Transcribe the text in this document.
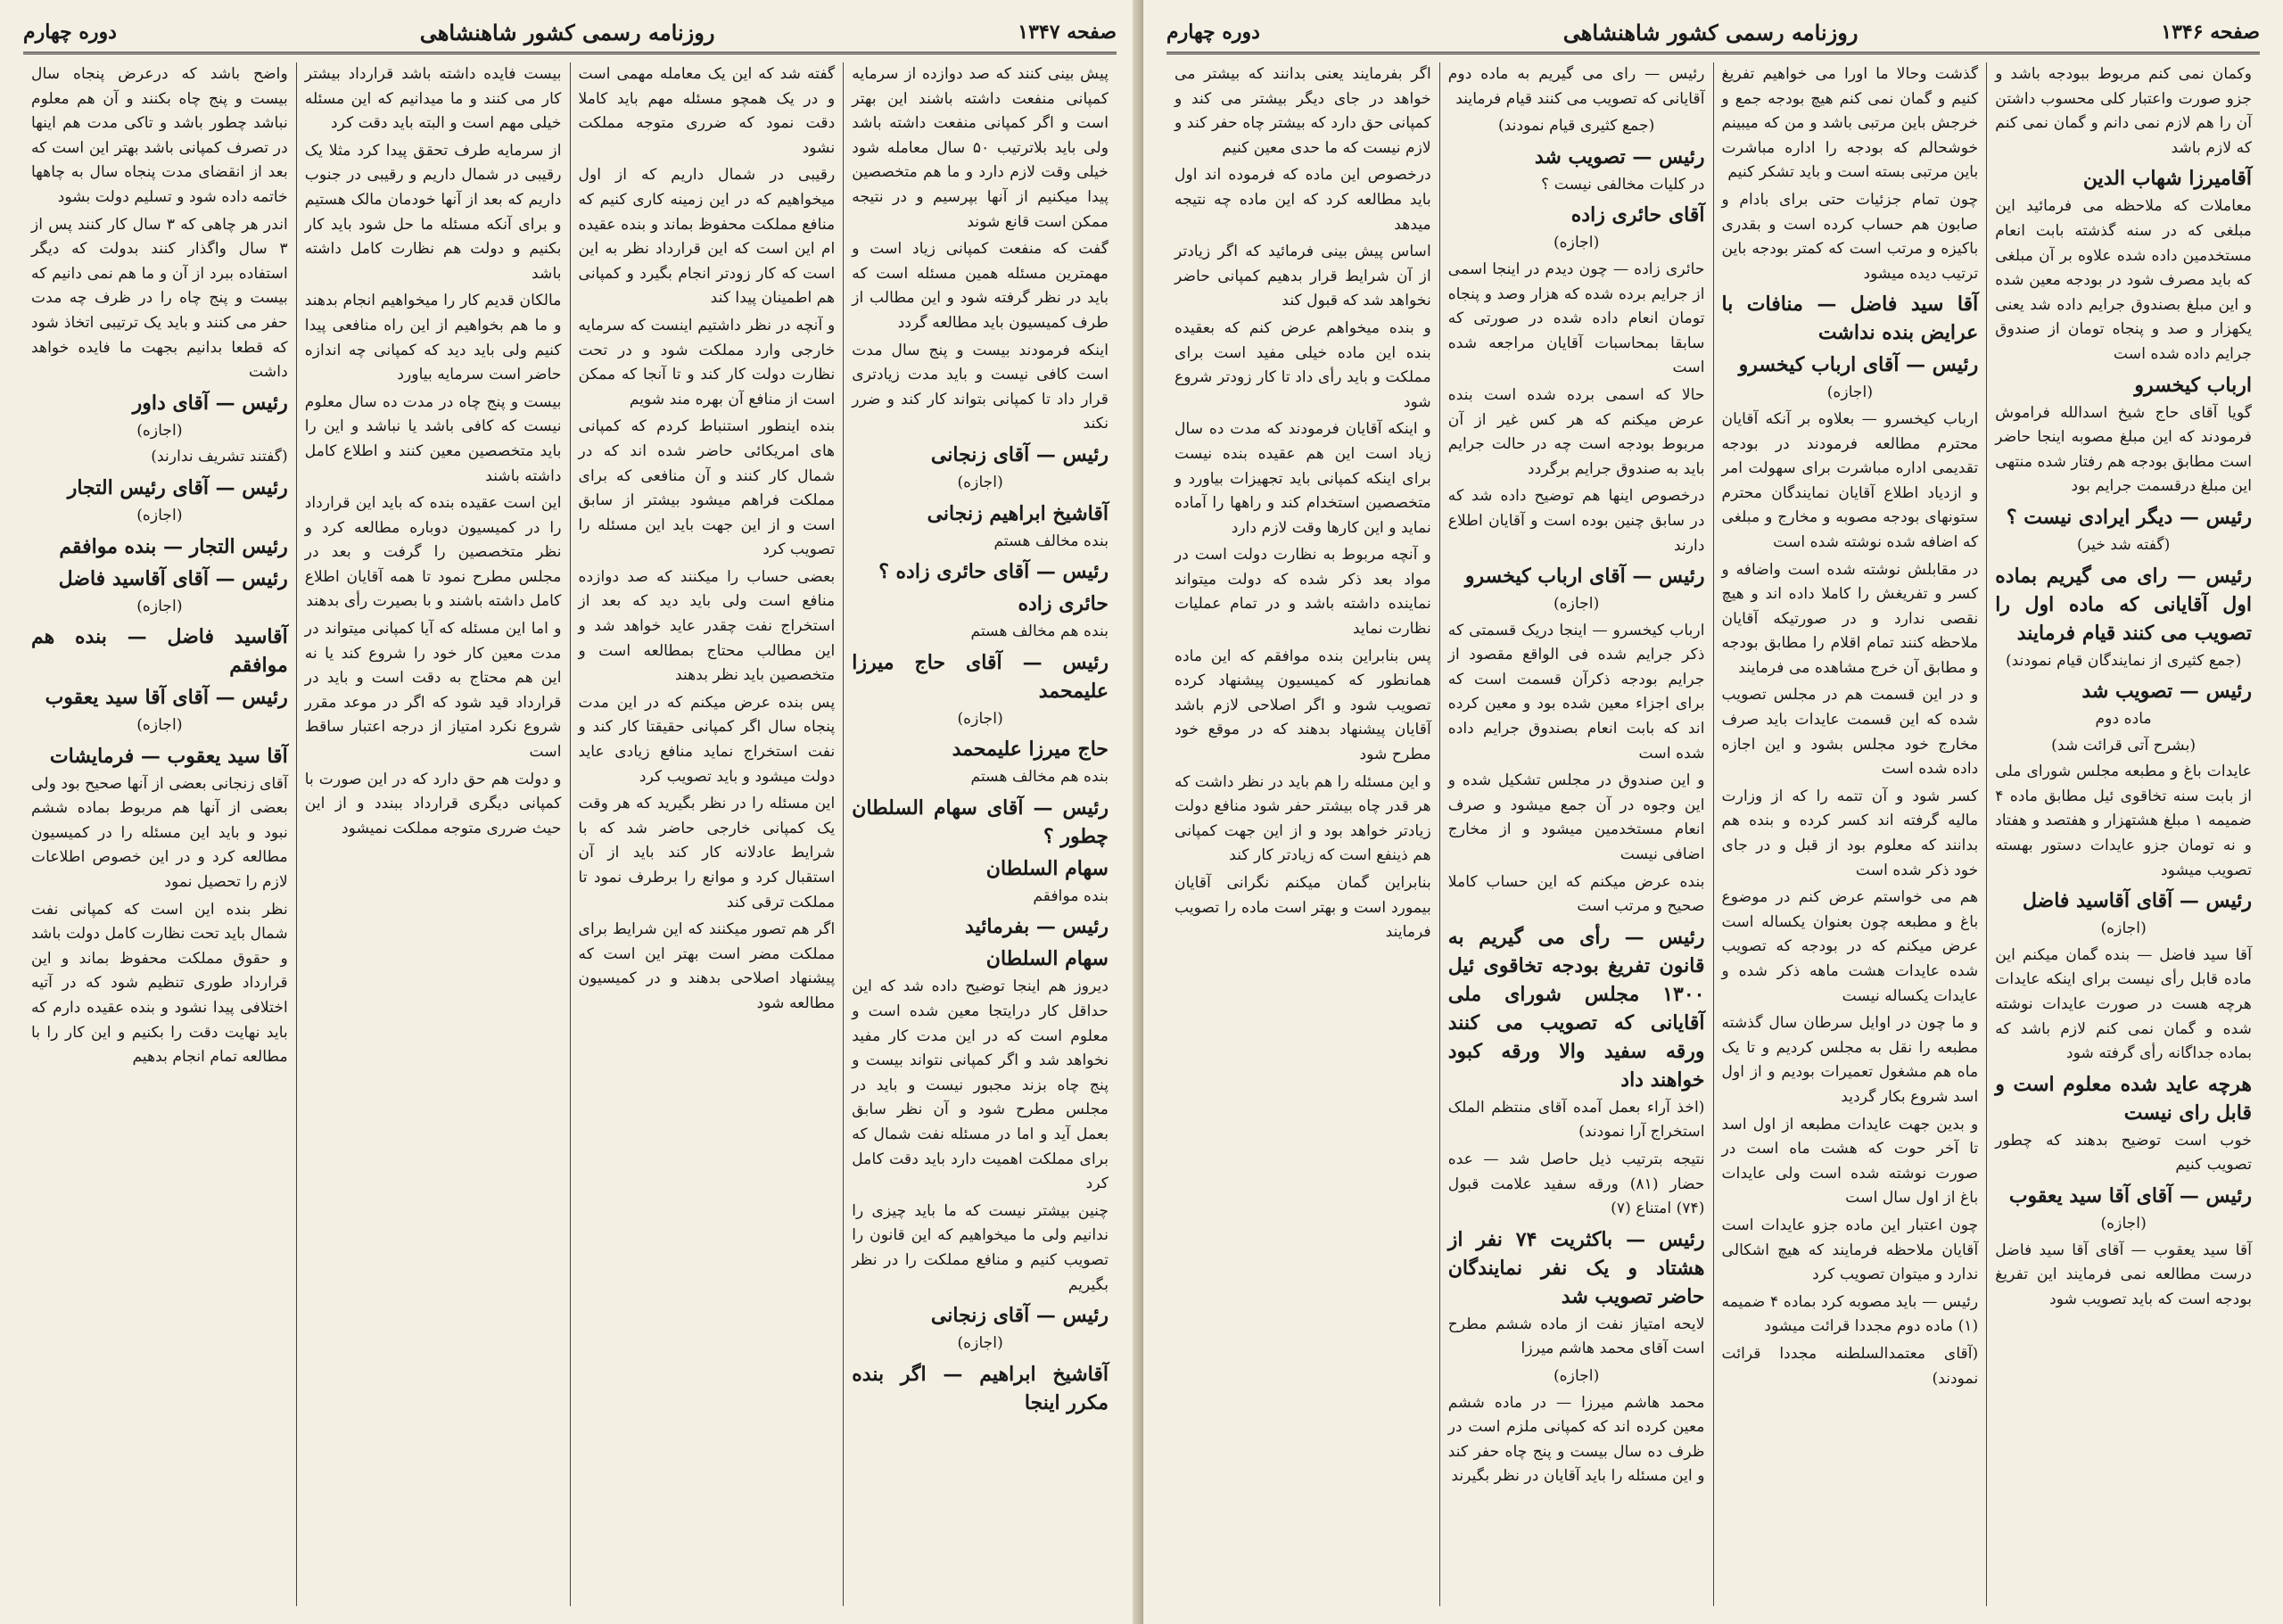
صفحه ۱۳۴۷
روزنامه رسمی کشور شاهنشاهی
دوره چهارم

پیش بینی کنند که صد دوازده از سرمایه کمپانی منفعت داشته باشند این بهتر است و اگر کمپانی منفعت داشته باشد ولی باید بلاترتیب ۵۰ سال معامله شود خیلی وقت لازم دارد و ما هم متخصصین پیدا میکنیم از آنها بپرسیم و در نتیجه ممکن است قانع شوند

گفت که منفعت کمپانی زیاد است و مهمترین مسئله همین مسئله است که باید در نظر گرفته شود و این مطالب از طرف کمیسیون باید مطالعه گردد

اینکه فرمودند بیست و پنج سال مدت است کافی نیست و باید مدت زیادتری قرار داد تا کمپانی بتواند کار کند و ضرر نکند

رئیس — آقای زنجانی

(اجازه)

آقاشیخ ابراهیم زنجانی

بنده مخالف هستم

رئیس — آقای حائری زاده ؟

حائری زاده

بنده هم مخالف هستم

رئیس — آقای حاج میرزا علیمحمد

(اجازه)

حاج میرزا علیمحمد

بنده هم مخالف هستم

رئیس — آقای سهام السلطان چطور ؟

سهام السلطان

بنده موافقم

رئیس — بفرمائید

سهام السلطان

دیروز هم اینجا توضیح داده شد که این حداقل کار درایتجا معین شده است و معلوم است که در این مدت کار مفید نخواهد شد و اگر کمپانی نتواند بیست و پنج چاه بزند مجبور نیست و باید در مجلس مطرح شود و آن نظر سابق بعمل آید و اما در مسئله نفت شمال که برای مملکت اهمیت دارد باید دقت کامل کرد

چنین بیشتر نیست که ما باید چیزی را ندانیم ولی ما میخواهیم که این قانون را تصویب کنیم و منافع مملکت را در نظر بگیریم

رئیس — آقای زنجانی

(اجازه)

آقاشیخ ابراهیم — اگر بنده مکرر اینجا

گفته شد که این یک معامله مهمی است و در یک همچو مسئله مهم باید کاملا دقت نمود که ضرری متوجه مملکت نشود

رقیبی در شمال داریم که از اول میخواهیم که در این زمینه کاری کنیم که منافع مملکت محفوظ بماند و بنده عقیده ام این است که این قرارداد نظر به این است که کار زودتر انجام بگیرد و کمپانی هم اطمینان پیدا کند

و آنچه در نظر داشتیم اینست که سرمایه خارجی وارد مملکت شود و در تحت نظارت دولت کار کند و تا آنجا که ممکن است از منافع آن بهره مند شویم

بنده اینطور استنباط کردم که کمپانی های امریکائی حاضر شده اند که در شمال کار کنند و آن منافعی که برای مملکت فراهم میشود بیشتر از سابق است و از این جهت باید این مسئله را تصویب کرد

بعضی حساب را میکنند که صد دوازده منافع است ولی باید دید که بعد از استخراج نفت چقدر عاید خواهد شد و این مطالب محتاج بمطالعه است و متخصصین باید نظر بدهند

پس بنده عرض میکنم که در این مدت پنجاه سال اگر کمپانی حقیقتا کار کند و نفت استخراج نماید منافع زیادی عاید دولت میشود و باید تصویب کرد

این مسئله را در نظر بگیرید که هر وقت یک کمپانی خارجی حاضر شد که با شرایط عادلانه کار کند باید از آن استقبال کرد و موانع را برطرف نمود تا مملکت ترقی کند

اگر هم تصور میکنند که این شرایط برای مملکت مضر است بهتر این است که پیشنهاد اصلاحی بدهند و در کمیسیون مطالعه شود

بیست فایده داشته باشد قرارداد بیشتر کار می کنند و ما میدانیم که این مسئله خیلی مهم است و البته باید دقت کرد

از سرمایه طرف تحقق پیدا کرد مثلا یک رقیبی در شمال داریم و رقیبی در جنوب داریم که بعد از آنها خودمان مالک هستیم و برای آنکه مسئله ما حل شود باید کار بکنیم و دولت هم نظارت کامل داشته باشد

مالکان قدیم کار را میخواهیم انجام بدهند و ما هم بخواهیم از این راه منافعی پیدا کنیم ولی باید دید که کمپانی چه اندازه حاضر است سرمایه بیاورد

بیست و پنج چاه در مدت ده سال معلوم نیست که کافی باشد یا نباشد و این را باید متخصصین معین کنند و اطلاع کامل داشته باشند

این است عقیده بنده که باید این قرارداد را در کمیسیون دوباره مطالعه کرد و نظر متخصصین را گرفت و بعد در مجلس مطرح نمود تا همه آقایان اطلاع کامل داشته باشند و با بصیرت رأی بدهند

و اما این مسئله که آیا کمپانی میتواند در مدت معین کار خود را شروع کند یا نه این هم محتاج به دقت است و باید در قرارداد قید شود که اگر در موعد مقرر شروع نکرد امتیاز از درجه اعتبار ساقط است

و دولت هم حق دارد که در این صورت با کمپانی دیگری قرارداد ببندد و از این حیث ضرری متوجه مملکت نمیشود

واضح باشد که درعرض پنجاه سال بیست و پنج چاه بکنند و آن هم معلوم نباشد چطور باشد و تاکی مدت هم اینها در تصرف کمپانی باشد بهتر این است که بعد از انقضای مدت پنجاه سال به چاهها خاتمه داده شود و تسلیم دولت بشود

اندر هر چاهی که ۳ سال کار کنند پس از ۳ سال واگذار کنند بدولت که دیگر استفاده ببرد از آن و ما هم نمی دانیم که بیست و پنج چاه را در ظرف چه مدت حفر می کنند و باید یک ترتیبی اتخاذ شود که قطعا بدانیم بجهت ما فایده خواهد داشت

رئیس — آقای داور

(اجازه)

(گفتند تشریف ندارند)

رئیس — آقای رئیس التجار

(اجازه)

رئیس التجار — بنده موافقم

رئیس — آقای آقاسید فاضل

(اجازه)

آقاسید فاضل — بنده هم موافقم

رئیس — آقای آقا سید یعقوب

(اجازه)

آقا سید یعقوب — فرمایشات

آقای زنجانی بعضی از آنها صحیح بود ولی بعضی از آنها هم مربوط بماده ششم نبود و باید این مسئله را در کمیسیون مطالعه کرد و در این خصوص اطلاعات لازم را تحصیل نمود

نظر بنده این است که کمپانی نفت شمال باید تحت نظارت کامل دولت باشد و حقوق مملکت محفوظ بماند و این قرارداد طوری تنظیم شود که در آتیه اختلافی پیدا نشود و بنده عقیده دارم که باید نهایت دقت را بکنیم و این کار را با مطالعه تمام انجام بدهیم

صفحه ۱۳۴۶
روزنامه رسمی کشور شاهنشاهی
دوره چهارم

وکمان نمی کنم مربوط ببودجه باشد و جزو صورت واعتبار کلی محسوب داشتن آن را هم لازم نمی دانم و گمان نمی کنم که لازم باشد

آقامیرزا شهاب الدین

معاملات که ملاحظه می فرمائید این مبلغی که در سنه گذشته بابت انعام مستخدمین داده شده علاوه بر آن مبلغی که باید مصرف شود در بودجه معین شده و این مبلغ بصندوق جرایم داده شد یعنی یکهزار و صد و پنجاه تومان از صندوق جرایم داده شده است

ارباب کیخسرو

گویا آقای حاج شیخ اسدالله فراموش فرمودند که این مبلغ مصوبه اینجا حاضر است مطابق بودجه هم رفتار شده منتهی این مبلغ درقسمت جرایم بود

رئیس — دیگر ایرادی نیست ؟

(گفته شد خیر)

رئیس — رای می گیریم بماده اول آقایانی که ماده اول را تصویب می کنند قیام فرمایند

(جمع کثیری از نمایندگان قیام نمودند)

رئیس — تصویب شد

ماده دوم

(بشرح آتی قرائت شد)

عایدات باغ و مطبعه مجلس شورای ملی از بابت سنه تخاقوی ئیل مطابق ماده ۴ ضمیمه ۱ مبلغ هشتهزار و هفتصد و هفتاد و نه تومان جزو عایدات دستور بهسته تصویب میشود

رئیس — آقای آقاسید فاضل

(اجازه)

آقا سید فاضل — بنده گمان میکنم این ماده قابل رأی نیست برای اینکه عایدات هرچه هست در صورت عایدات نوشته شده و گمان نمی کنم لازم باشد که بماده جداگانه رأی گرفته شود

هرچه عاید شده معلوم است و قابل رای نیست

خوب است توضیح بدهند که چطور تصویب کنیم

رئیس — آقای آقا سید یعقوب

(اجازه)

آقا سید یعقوب — آقای آقا سید فاضل درست مطالعه نمی فرمایند این تفریغ بودجه است که باید تصویب شود

گذشت وحالا ما اورا می خواهیم تفریغ کنیم و گمان نمی کنم هیچ بودجه جمع و خرجش باین مرتبی باشد و من که میبینم خوشحالم که بودجه را اداره مباشرت باین مرتبی بسته است و باید تشکر کنیم

چون تمام جزئیات حتی برای بادام و صابون هم حساب کرده است و بقدری باکیزه و مرتب است که کمتر بودجه باین ترتیب دیده میشود

آقا سید فاضل — منافات با عرایض بنده نداشت

رئیس — آقای ارباب کیخسرو

(اجازه)

ارباب کیخسرو — بعلاوه بر آنکه آقایان محترم مطالعه فرمودند در بودجه تقدیمی اداره مباشرت برای سهولت امر و ازدیاد اطلاع آقایان نمایندگان محترم ستونهای بودجه مصوبه و مخارج و مبلغی که اضافه شده نوشته شده است

در مقابلش نوشته شده است واضافه و کسر و تفریغش را کاملا داده اند و هیچ نقصی ندارد و در صورتیکه آقایان ملاحظه کنند تمام اقلام را مطابق بودجه و مطابق آن خرج مشاهده می فرمایند

و در این قسمت هم در مجلس تصویب شده که این قسمت عایدات باید صرف مخارج خود مجلس بشود و این اجازه داده شده است

کسر شود و آن تتمه را که از وزارت مالیه گرفته اند کسر کرده و بنده هم بدانند که معلوم بود از قبل و در جای خود ذکر شده است

هم می خواستم عرض کنم در موضوع باغ و مطبعه چون بعنوان یکساله است عرض میکنم که در بودجه که تصویب شده عایدات هشت ماهه ذکر شده و عایدات یکساله نیست

و ما چون در اوایل سرطان سال گذشته مطبعه را نقل به مجلس کردیم و تا یک ماه هم مشغول تعمیرات بودیم و از اول اسد شروع بکار گردید

و بدین جهت عایدات مطبعه از اول اسد تا آخر حوت که هشت ماه است در صورت نوشته شده است ولی عایدات باغ از اول سال است

چون اعتبار این ماده جزو عایدات است آقایان ملاحظه فرمایند که هیچ اشکالی ندارد و میتوان تصویب کرد

رئیس — باید مصوبه کرد بماده ۴ ضمیمه (۱) ماده دوم مجددا قرائت میشود

(آقای معتمدالسلطنه مجددا قرائت نمودند)

رئیس — رای می گیریم به ماده دوم آقایانی که تصویب می کنند قیام فرمایند

(جمع کثیری قیام نمودند)

رئیس — تصویب شد

در کلیات مخالفی نیست ؟

آقای حائری زاده

(اجازه)

حائری زاده — چون دیدم در اینجا اسمی از جرایم برده شده که هزار وصد و پنجاه تومان انعام داده شده در صورتی که سابقا بمحاسبات آقایان مراجعه شده است

حالا که اسمی برده شده است بنده عرض میکنم که هر کس غیر از آن مربوط بودجه است چه در حالت جرایم باید به صندوق جرایم برگردد

درخصوص اینها هم توضیح داده شد که در سابق چنین بوده است و آقایان اطلاع دارند

رئیس — آقای ارباب کیخسرو

(اجازه)

ارباب کیخسرو — اینجا دریک قسمتی که ذکر جرایم شده فی الواقع مقصود از جرایم بودجه ذکرآن قسمت است که برای اجزاء معین شده بود و معین کرده اند که بابت انعام بصندوق جرایم داده شده است

و این صندوق در مجلس تشکیل شده و این وجوه در آن جمع میشود و صرف انعام مستخدمین میشود و از مخارج اضافی نیست

بنده عرض میکنم که این حساب کاملا صحیح و مرتب است

رئیس — رأی می گیریم به قانون تفریغ بودجه تخاقوی ئیل ۱۳۰۰ مجلس شورای ملی آقایانی که تصویب می کنند ورقه سفید والا ورقه کبود خواهند داد

(اخذ آراء بعمل آمده آقای منتظم الملک استخراج آرا نمودند)

نتیجه بترتیب ذیل حاصل شد — عده حضار (۸۱) ورقه سفید علامت قبول (۷۴) امتناع (۷)

رئیس — باکثریت ۷۴ نفر از هشتاد و یک نفر نمایندگان حاضر تصویب شد

لایحه امتیاز نفت از ماده ششم مطرح است آقای محمد هاشم میرزا

(اجازه)

محمد هاشم میرزا — در ماده ششم معین کرده اند که کمپانی ملزم است در ظرف ده سال بیست و پنج چاه حفر کند و این مسئله را باید آقایان در نظر بگیرند

اگر بفرمایند یعنی بدانند که بیشتر می خواهد در جای دیگر بیشتر می کند و کمپانی حق دارد که بیشتر چاه حفر کند و لازم نیست که ما حدی معین کنیم

درخصوص این ماده که فرموده اند اول باید مطالعه کرد که این ماده چه نتیجه میدهد

اساس پیش بینی فرمائید که اگر زیادتر از آن شرایط قرار بدهیم کمپانی حاضر نخواهد شد که قبول کند

و بنده میخواهم عرض کنم که بعقیده بنده این ماده خیلی مفید است برای مملکت و باید رأی داد تا کار زودتر شروع شود

و اینکه آقایان فرمودند که مدت ده سال زیاد است این هم عقیده بنده نیست برای اینکه کمپانی باید تجهیزات بیاورد و متخصصین استخدام کند و راهها را آماده نماید و این کارها وقت لازم دارد

و آنچه مربوط به نظارت دولت است در مواد بعد ذکر شده که دولت میتواند نماینده داشته باشد و در تمام عملیات نظارت نماید

پس بنابراین بنده موافقم که این ماده همانطور که کمیسیون پیشنهاد کرده تصویب شود و اگر اصلاحی لازم باشد آقایان پیشنهاد بدهند که در موقع خود مطرح شود

و این مسئله را هم باید در نظر داشت که هر قدر چاه بیشتر حفر شود منافع دولت زیادتر خواهد بود و از این جهت کمپانی هم ذینفع است که زیادتر کار کند

بنابراین گمان میکنم نگرانی آقایان بیمورد است و بهتر است ماده را تصویب فرمایند
